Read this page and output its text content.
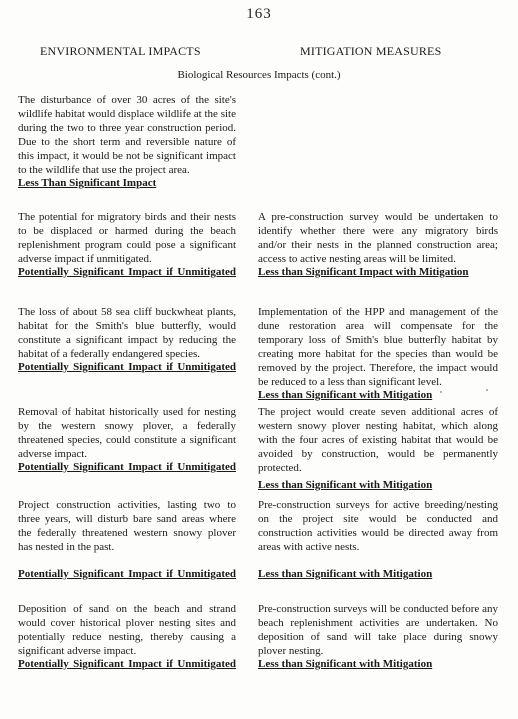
163
ENVIRONMENTAL IMPACTS	MITIGATION MEASURES
Biological Resources Impacts (cont.)
The disturbance of over 30 acres of the site's wildlife habitat would displace wildlife at the site during the two to three year construction period. Due to the short term and reversible nature of this impact, it would be not be significant impact to the wildlife that use the project area.
Less Than Significant Impact
The potential for migratory birds and their nests to be displaced or harmed during the beach replenishment program could pose a significant adverse impact if unmitigated.
Potentially Significant Impact if Unmitigated
A pre-construction survey would be undertaken to identify whether there were any migratory birds and/or their nests in the planned construction area; access to active nesting areas will be limited.
Less than Significant Impact with Mitigation
The loss of about 58 sea cliff buckwheat plants, habitat for the Smith's blue butterfly, would constitute a significant impact by reducing the habitat of a federally endangered species.
Potentially Significant Impact if Unmitigated
Implementation of the HPP and management of the dune restoration area will compensate for the temporary loss of Smith's blue butterfly habitat by creating more habitat for the species than would be removed by the project. Therefore, the impact would be reduced to a less than significant level.
Less than Significant with Mitigation
Removal of habitat historically used for nesting by the western snowy plover, a federally threatened species, could constitute a significant adverse impact.
Potentially Significant Impact if Unmitigated
The project would create seven additional acres of western snowy plover nesting habitat, which along with the four acres of existing habitat that would be avoided by construction, would be permanently protected.
Less than Significant with Mitigation
Project construction activities, lasting two to three years, will disturb bare sand areas where the federally threatened western snowy plover has nested in the past.
Potentially Significant Impact if Unmitigated
Pre-construction surveys for active breeding/nesting on the project site would be conducted and construction activities would be directed away from areas with active nests.
Less than Significant with Mitigation
Deposition of sand on the beach and strand would cover historical plover nesting sites and potentially reduce nesting, thereby causing a significant adverse impact.
Potentially Significant Impact if Unmitigated
Pre-construction surveys will be conducted before any beach replenishment activities are undertaken. No deposition of sand will take place during snowy plover nesting.
Less than Significant with Mitigation
